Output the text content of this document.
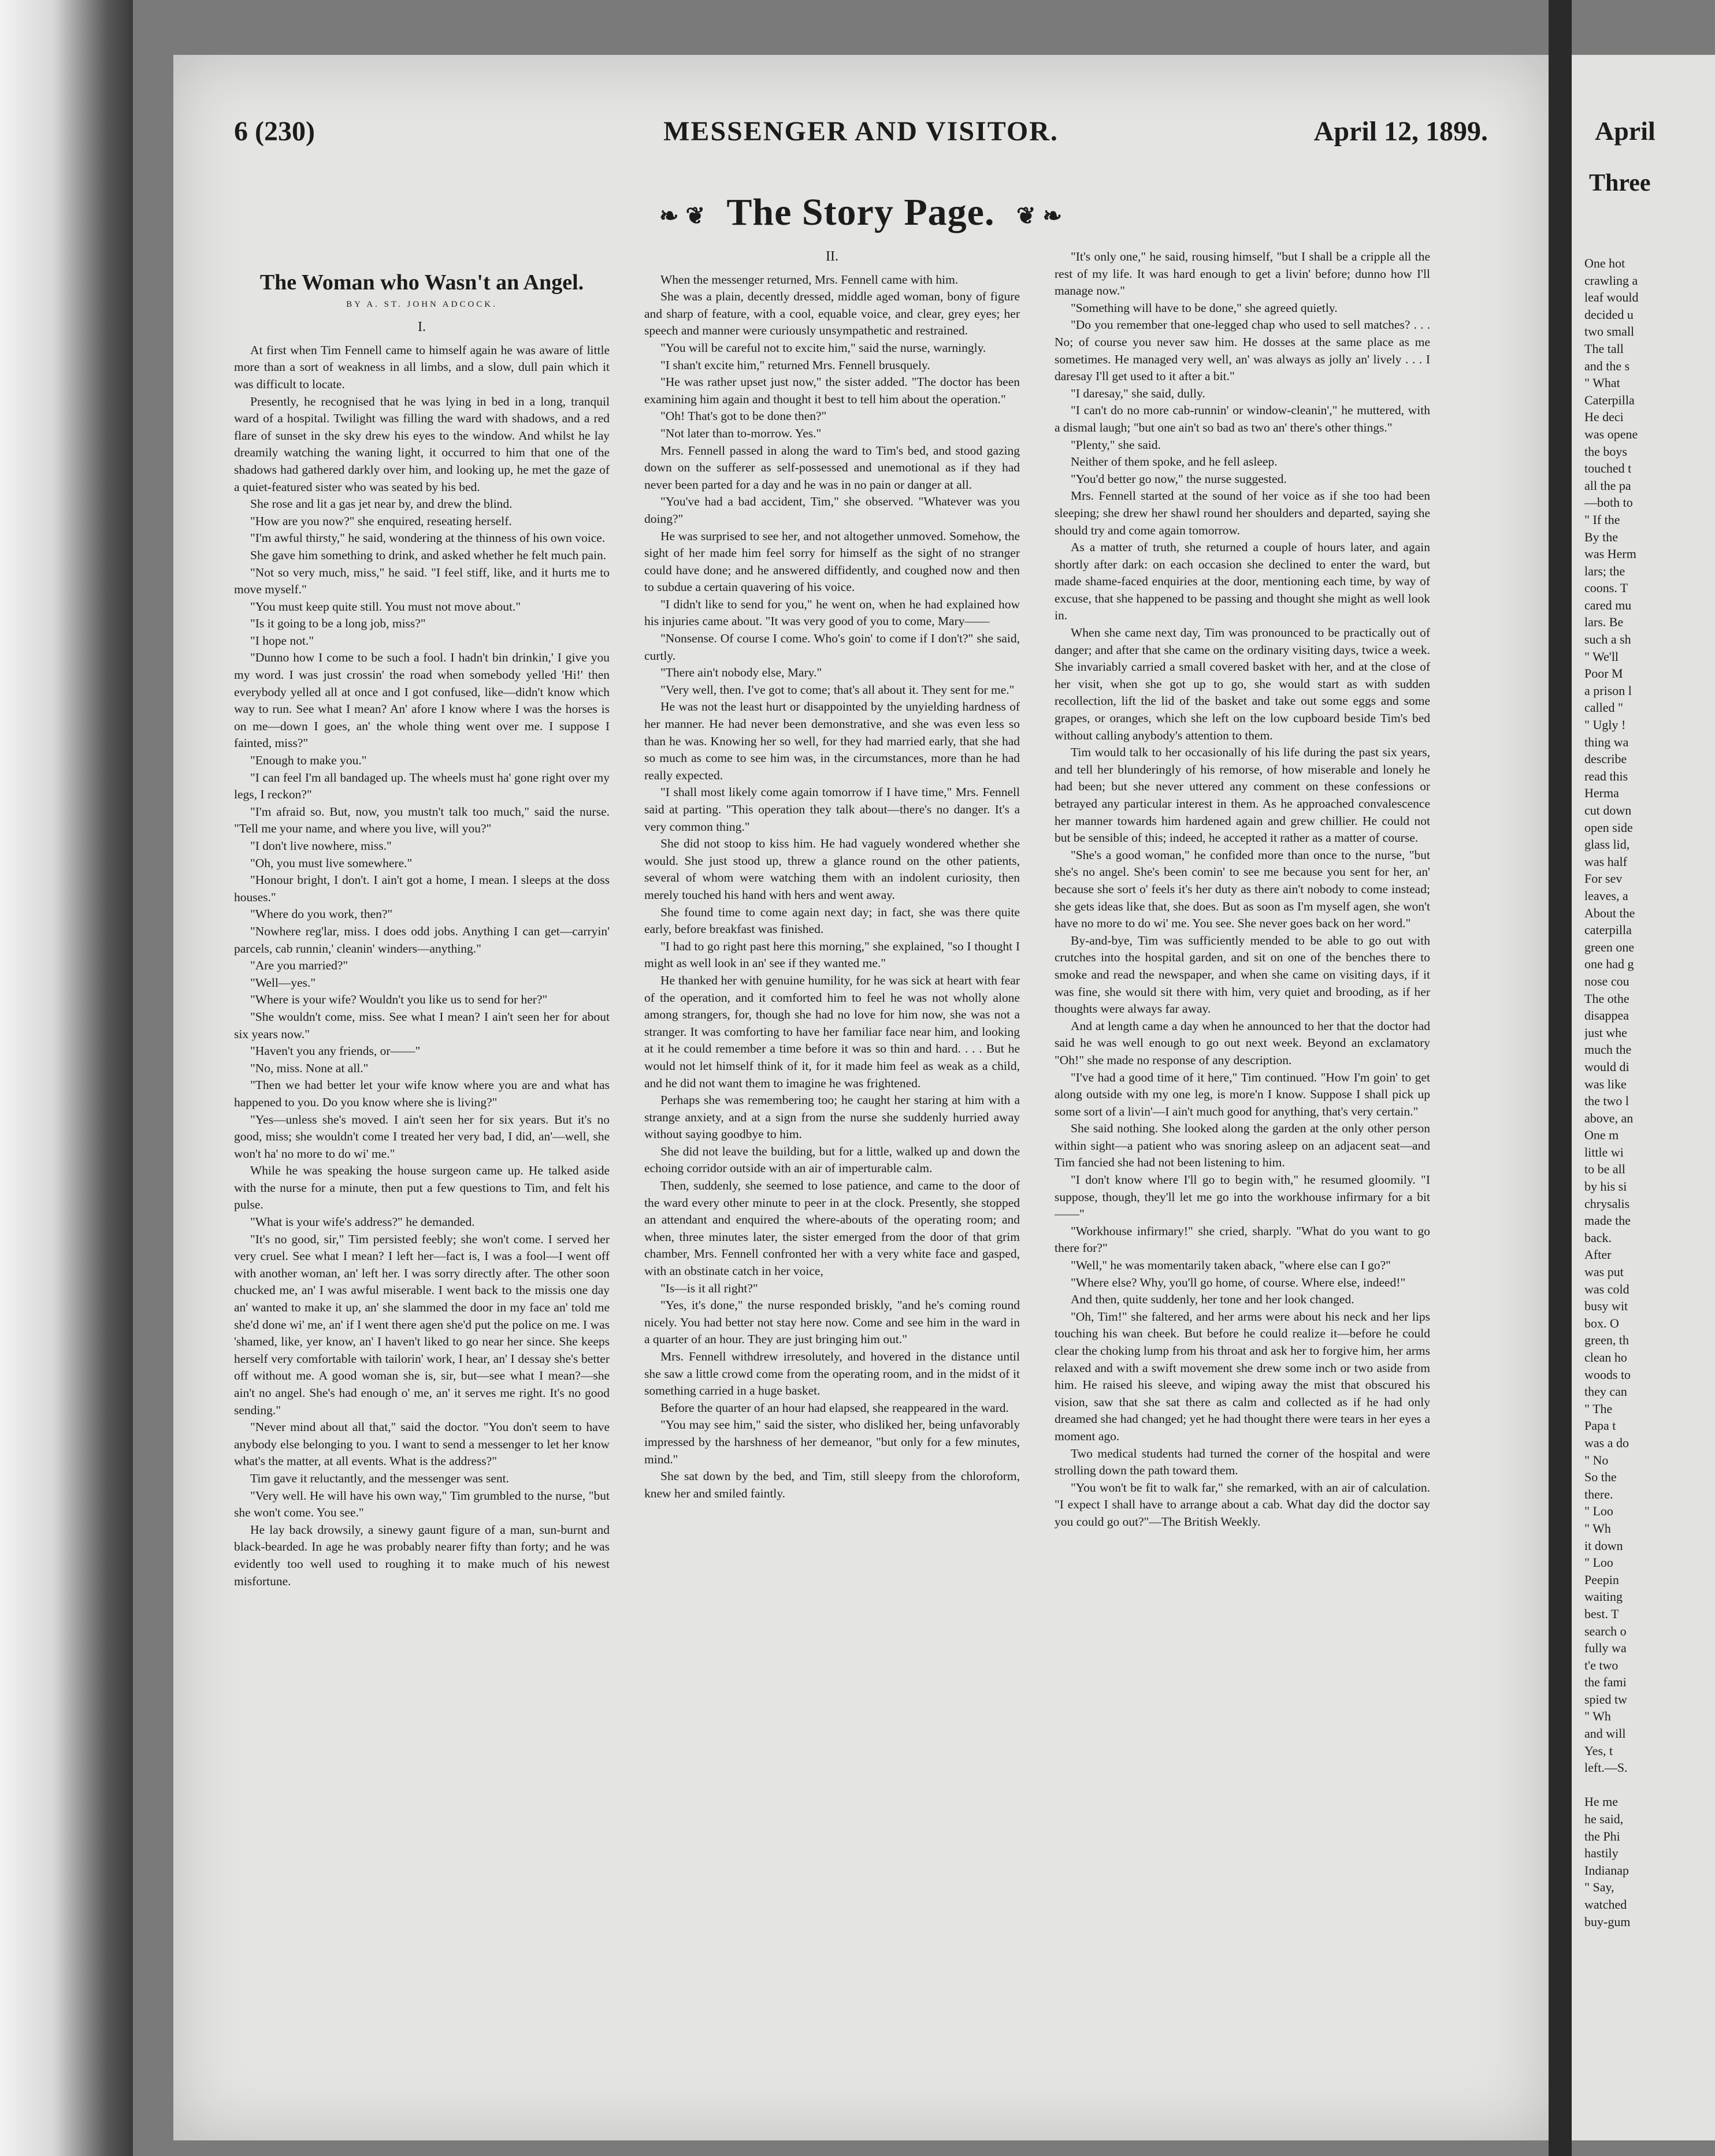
6 (230)	MESSENGER AND VISITOR.	April 12, 1899.
❧ ❦ The Story Page. ❦ ❧
The Woman who Wasn't an Angel.
BY A. ST. JOHN ADCOCK.
I.

At first when Tim Fennell came to himself again he was aware of little more than a sort of weakness in all limbs, and a slow, dull pain which it was difficult to locate.

Presently, he recognised that he was lying in bed in a long, tranquil ward of a hospital. Twilight was filling the ward with shadows, and a red flare of sunset in the sky drew his eyes to the window. And whilst he lay dreamily watching the waning light, it occurred to him that one of the shadows had gathered darkly over him, and looking up, he met the gaze of a quiet-featured sister who was seated by his bed.

She rose and lit a gas jet near by, and drew the blind.

"How are you now?" she enquired, reseating herself.

"I'm awful thirsty," he said, wondering at the thinness of his own voice.

She gave him something to drink, and asked whether he felt much pain.

"Not so very much, miss," he said. "I feel stiff, like, and it hurts me to move myself."

"You must keep quite still. You must not move about."

"Is it going to be a long job, miss?"

"I hope not."

"Dunno how I come to be such a fool. I hadn't bin drinkin,' I give you my word. I was just crossin' the road when somebody yelled 'Hi!' then everybody yelled all at once and I got confused, like—didn't know which way to run. See what I mean? An' afore I know where I was the horses is on me—down I goes, an' the whole thing went over me. I suppose I fainted, miss?"

"Enough to make you."

"I can feel I'm all bandaged up. The wheels must ha' gone right over my legs, I reckon?"

"I'm afraid so. But, now, you mustn't talk too much," said the nurse. "Tell me your name, and where you live, will you?"

"I don't live nowhere, miss."

"Oh, you must live somewhere."

"Honour bright, I don't. I ain't got a home, I mean. I sleeps at the doss houses."

"Where do you work, then?"

"Nowhere reg'lar, miss. I does odd jobs. Anything I can get—carryin' parcels, cab runnin,' cleanin' winders—anything."

"Are you married?"

"Well—yes."

"Where is your wife? Wouldn't you like us to send for her?"

"She wouldn't come, miss. See what I mean? I ain't seen her for about six years now."

"Haven't you any friends, or——"

"No, miss. None at all."

"Then we had better let your wife know where you are and what has happened to you. Do you know where she is living?"

"Yes—unless she's moved. I ain't seen her for six years. But it's no good, miss; she wouldn't come I treated her very bad, I did, an'—well, she won't ha' no more to do wi' me."

While he was speaking the house surgeon came up. He talked aside with the nurse for a minute, then put a few questions to Tim, and felt his pulse.

"What is your wife's address?" he demanded.

"It's no good, sir," Tim persisted feebly; she won't come. I served her very cruel. See what I mean? I left her—fact is, I was a fool—I went off with another woman, an' left her. I was sorry directly after. The other soon chucked me, an' I was awful miserable. I went back to the missis one day an' wanted to make it up, an' she slammed the door in my face an' told me she'd done wi' me, an' if I went there agen she'd put the police on me. I was 'shamed, like, yer know, an' I haven't liked to go near her since. She keeps herself very comfortable with tailorin' work, I hear, an' I dessay she's better off without me. A good woman she is, sir, but—see what I mean?—she ain't no angel. She's had enough o' me, an' it serves me right. It's no good sending."

"Never mind about all that," said the doctor. "You don't seem to have anybody else belonging to you. I want to send a messenger to let her know what's the matter, at all events. What is the address?"

Tim gave it reluctantly, and the messenger was sent.

"Very well. He will have his own way," Tim grumbled to the nurse, "but she won't come. You see."

He lay back drowsily, a sinewy gaunt figure of a man, sun-burnt and black-bearded. In age he was probably nearer fifty than forty; and he was evidently too well used to roughing it to make much of his newest misfortune.

II.

When the messenger returned, Mrs. Fennell came with him.

She was a plain, decently dressed, middle aged woman, bony of figure and sharp of feature, with a cool, equable voice, and clear, grey eyes; her speech and manner were curiously unsympathetic and restrained.

"You will be careful not to excite him," said the nurse, warningly.

"I shan't excite him," returned Mrs. Fennell brusquely.

"He was rather upset just now," the sister added. "The doctor has been examining him again and thought it best to tell him about the operation."

"Oh! That's got to be done then?"

"Not later than to-morrow. Yes."

Mrs. Fennell passed in along the ward to Tim's bed, and stood gazing down on the sufferer as self-possessed and unemotional as if they had never been parted for a day and he was in no pain or danger at all.

"You've had a bad accident, Tim," she observed. "Whatever was you doing?"

He was surprised to see her, and not altogether unmoved. Somehow, the sight of her made him feel sorry for himself as the sight of no stranger could have done; and he answered diffidently, and coughed now and then to subdue a certain quavering of his voice.

"I didn't like to send for you," he went on, when he had explained how his injuries came about. "It was very good of you to come, Mary——

"Nonsense. Of course I come. Who's goin' to come if I don't?" she said, curtly.

"There ain't nobody else, Mary."

"Very well, then. I've got to come; that's all about it. They sent for me."

He was not the least hurt or disappointed by the unyielding hardness of her manner. He had never been demonstrative, and she was even less so than he was. Knowing her so well, for they had married early, that she had so much as come to see him was, in the circumstances, more than he had really expected.

"I shall most likely come again tomorrow if I have time," Mrs. Fennell said at parting. "This operation they talk about—there's no danger. It's a very common thing."

She did not stoop to kiss him. He had vaguely wondered whether she would. She just stood up, threw a glance round on the other patients, several of whom were watching them with an indolent curiosity, then merely touched his hand with hers and went away.

She found time to come again next day; in fact, she was there quite early, before breakfast was finished.

"I had to go right past here this morning," she explained, "so I thought I might as well look in an' see if they wanted me."

He thanked her with genuine humility, for he was sick at heart with fear of the operation, and it comforted him to feel he was not wholly alone among strangers, for, though she had no love for him now, she was not a stranger. It was comforting to have her familiar face near him, and looking at it he could remember a time before it was so thin and hard. . . . But he would not let himself think of it, for it made him feel as weak as a child, and he did not want them to imagine he was frightened.

Perhaps she was remembering too; he caught her staring at him with a strange anxiety, and at a sign from the nurse she suddenly hurried away without saying goodbye to him.

She did not leave the building, but for a little, walked up and down the echoing corridor outside with an air of imperturable calm.

Then, suddenly, she seemed to lose patience, and came to the door of the ward every other minute to peer in at the clock. Presently, she stopped an attendant and enquired the where-abouts of the operating room; and when, three minutes later, the sister emerged from the door of that grim chamber, Mrs. Fennell confronted her with a very white face and gasped, with an obstinate catch in her voice,

"Is—is it all right?"

"Yes, it's done," the nurse responded briskly, "and he's coming round nicely. You had better not stay here now. Come and see him in the ward in a quarter of an hour. They are just bringing him out."

Mrs. Fennell withdrew irresolutely, and hovered in the distance until she saw a little crowd come from the operating room, and in the midst of it something carried in a huge basket.

Before the quarter of an hour had elapsed, she reappeared in the ward.

"You may see him," said the sister, who disliked her, being unfavorably impressed by the harshness of her demeanor, "but only for a few minutes, mind."

She sat down by the bed, and Tim, still sleepy from the chloroform, knew her and smiled faintly.

"It's only one," he said, rousing himself, "but I shall be a cripple all the rest of my life. It was hard enough to get a livin' before; dunno how I'll manage now."

"Something will have to be done," she agreed quietly.

"Do you remember that one-legged chap who used to sell matches? . . . No; of course you never saw him. He dosses at the same place as me sometimes. He managed very well, an' was always as jolly an' lively . . . I daresay I'll get used to it after a bit."

"I daresay," she said, dully.

"I can't do no more cab-runnin' or window-cleanin'," he muttered, with a dismal laugh; "but one ain't so bad as two an' there's other things."

"Plenty," she said.

Neither of them spoke, and he fell asleep.

"You'd better go now," the nurse suggested.

Mrs. Fennell started at the sound of her voice as if she too had been sleeping; she drew her shawl round her shoulders and departed, saying she should try and come again tomorrow.

As a matter of truth, she returned a couple of hours later, and again shortly after dark: on each occasion she declined to enter the ward, but made shame-faced enquiries at the door, mentioning each time, by way of excuse, that she happened to be passing and thought she might as well look in.

When she came next day, Tim was pronounced to be practically out of danger; and after that she came on the ordinary visiting days, twice a week. She invariably carried a small covered basket with her, and at the close of her visit, when she got up to go, she would start as with sudden recollection, lift the lid of the basket and take out some eggs and some grapes, or oranges, which she left on the low cupboard beside Tim's bed without calling anybody's attention to them.

Tim would talk to her occasionally of his life during the past six years, and tell her blunderingly of his remorse, of how miserable and lonely he had been; but she never uttered any comment on these confessions or betrayed any particular interest in them. As he approached convalescence her manner towards him hardened again and grew chillier. He could not but be sensible of this; indeed, he accepted it rather as a matter of course.

"She's a good woman," he confided more than once to the nurse, "but she's no angel. She's been comin' to see me because you sent for her, an' because she sort o' feels it's her duty as there ain't nobody to come instead; she gets ideas like that, she does. But as soon as I'm myself agen, she won't have no more to do wi' me. You see. She never goes back on her word."

By-and-bye, Tim was sufficiently mended to be able to go out with crutches into the hospital garden, and sit on one of the benches there to smoke and read the newspaper, and when she came on visiting days, if it was fine, she would sit there with him, very quiet and brooding, as if her thoughts were always far away.

And at length came a day when he announced to her that the doctor had said he was well enough to go out next week. Beyond an exclamatory "Oh!" she made no response of any description.

"I've had a good time of it here," Tim continued. "How I'm goin' to get along outside with my one leg, is more'n I know. Suppose I shall pick up some sort of a livin'—I ain't much good for anything, that's very certain."

She said nothing. She looked along the garden at the only other person within sight—a patient who was snoring asleep on an adjacent seat—and Tim fancied she had not been listening to him.

"I don't know where I'll go to begin with," he resumed gloomily. "I suppose, though, they'll let me go into the workhouse infirmary for a bit——"

"Workhouse infirmary!" she cried, sharply. "What do you want to go there for?"

"Well," he was momentarily taken aback, "where else can I go?"

"Where else? Why, you'll go home, of course. Where else, indeed!"

And then, quite suddenly, her tone and her look changed.

"Oh, Tim!" she faltered, and her arms were about his neck and her lips touching his wan cheek. But before he could realize it—before he could clear the choking lump from his throat and ask her to forgive him, her arms relaxed and with a swift movement she drew some inch or two aside from him. He raised his sleeve, and wiping away the mist that obscured his vision, saw that she sat there as calm and collected as if he had only dreamed she had changed; yet he had thought there were tears in her eyes a moment ago.

Two medical students had turned the corner of the hospital and were strolling down the path toward them.

"You won't be fit to walk far," she remarked, with an air of calculation. "I expect I shall have to arrange about a cab. What day did the doctor say you could go out?"—The British Weekly.

April
Three
One hot
crawling a
leaf would
decided u
two small
The tall
and the s
" What
Caterpilla
He deci
was opene
the boys
touched t
all the pa
—both to
" If the
By the
was Herm
lars; the
coons. T
cared mu
lars. Be
such a sh
" We'll
Poor M
a prison l
called "
" Ugly !
thing wa
describe
read this
Herma
cut down
open side
glass lid,
was half
For sev
leaves, a
About the
caterpilla
green one
one had g
nose cou
The othe
disappea
just whe
much the
would di
was like
the two l
above, an
One m
little wi
to be all
by his si
chrysalis
made the
back.
After
was put
was cold
busy wit
box. O
green, th
clean ho
woods to
they can
" The
Papa t
was a do
" No
So the
there.
" Loo
" Wh
it down
" Loo
Peepin
waiting
best. T
search o
fully wa
t'e two
the fami
spied tw
" Wh
and will
Yes, t
left.—S.

He me
he said,
the Phi
hastily
Indianap
" Say,
watched
buy-gum
